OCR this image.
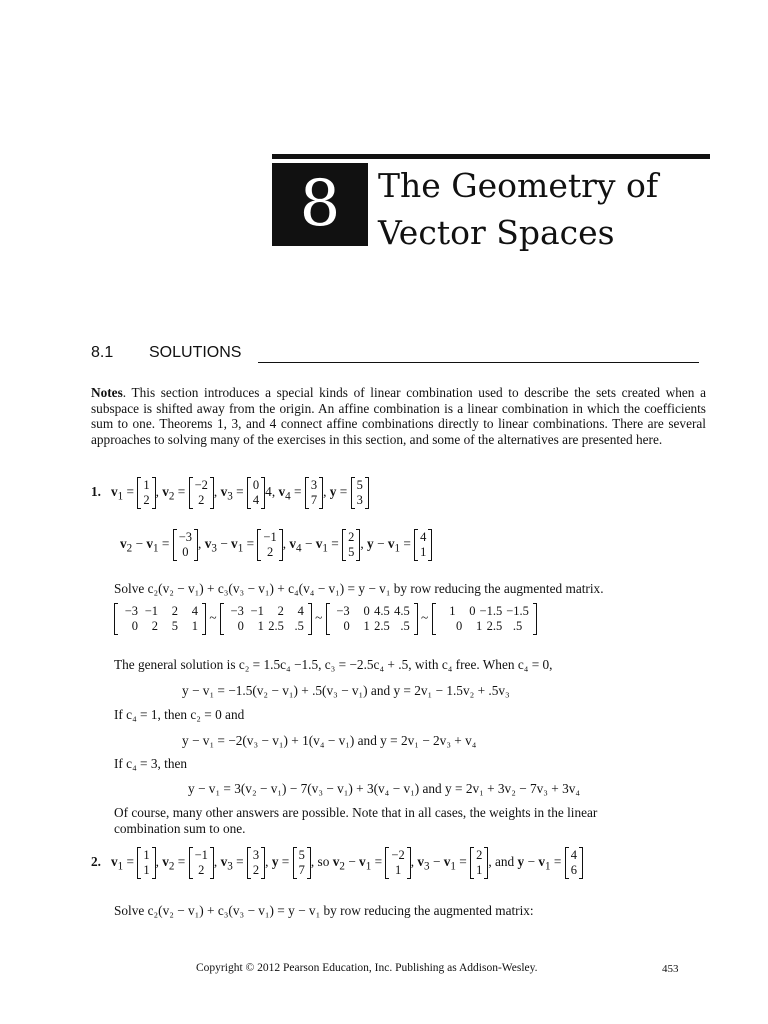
8	The Geometry of
Vector Spaces
8.1 SOLUTIONS
Notes. This section introduces a special kinds of linear combination used to describe the sets created when a subspace is shifted away from the origin. An affine combination is a linear combination in which the coefficients sum to one. Theorems 1, 3, and 4 connect affine combinations directly to linear combinations. There are several approaches to solving many of the exercises in this section, and some of the alternatives are presented here.
1. $v_1 = 1$
2
, $v_2 = -2$
2
, $v_3 = 0$
4
4, $v_4 = 3$
7
, y = 5
3
$v_2 - v_1 = -3$
0
, $v_3 - v_1 = -1$
2
, $v_4 - v_1 = 2$
5
, $y - v_1 = 4$
1
Solve c₂(v₂ − v₁) + c₃(v₃ − v₁) + c₄(v₄ − v₁) = y − v₁ by row reducing the augmented matrix.
−3 −1 2 4
0 2 5 1
~ −3 −1 2 4
0 1 2.5 .5
~ −3 0 4.5 4.5
0 1 2.5 .5
~	1 0 −1.5 −1.5
0 1 2.5 .5
The general solution is c₂ = 1.5c₄ −1.5, c₃ = −2.5c₄ + .5, with c₄ free. When c₄ = 0,
y − v₁ = −1.5(v₂ − v₁) + .5(v₃ − v₁) and y = 2v₁ − 1.5v₂ + .5v₃
If c₄ = 1, then c₂ = 0 and
y − v₁ = −2(v₃ − v₁) + 1(v₄ − v₁) and y = 2v₁ − 2v₃ + v₄
If c₄ = 3, then
y − v₁ = 3(v₂ − v₁) − 7(v₃ − v₁) + 3(v₄ − v₁) and y = 2v₁ + 3v₂ − 7v₃ + 3v₄
Of course, many other answers are possible. Note that in all cases, the weights in the linear combination sum to one.
2. $v_1 = 1$
1
, $v_2 = -1$
2
, $v_3 = 3$
2
, y = 5
7
, so $v_2 - v_1 = -2$
1
, $v_3 - v_1 = 2$
1
, and $y - v_1 = 4$
6
Solve c₂(v₂ − v₁) + c₃(v₃ − v₁) = y − v₁ by row reducing the augmented matrix:
Copyright © 2012 Pearson Education, Inc. Publishing as Addison-Wesley.	453
